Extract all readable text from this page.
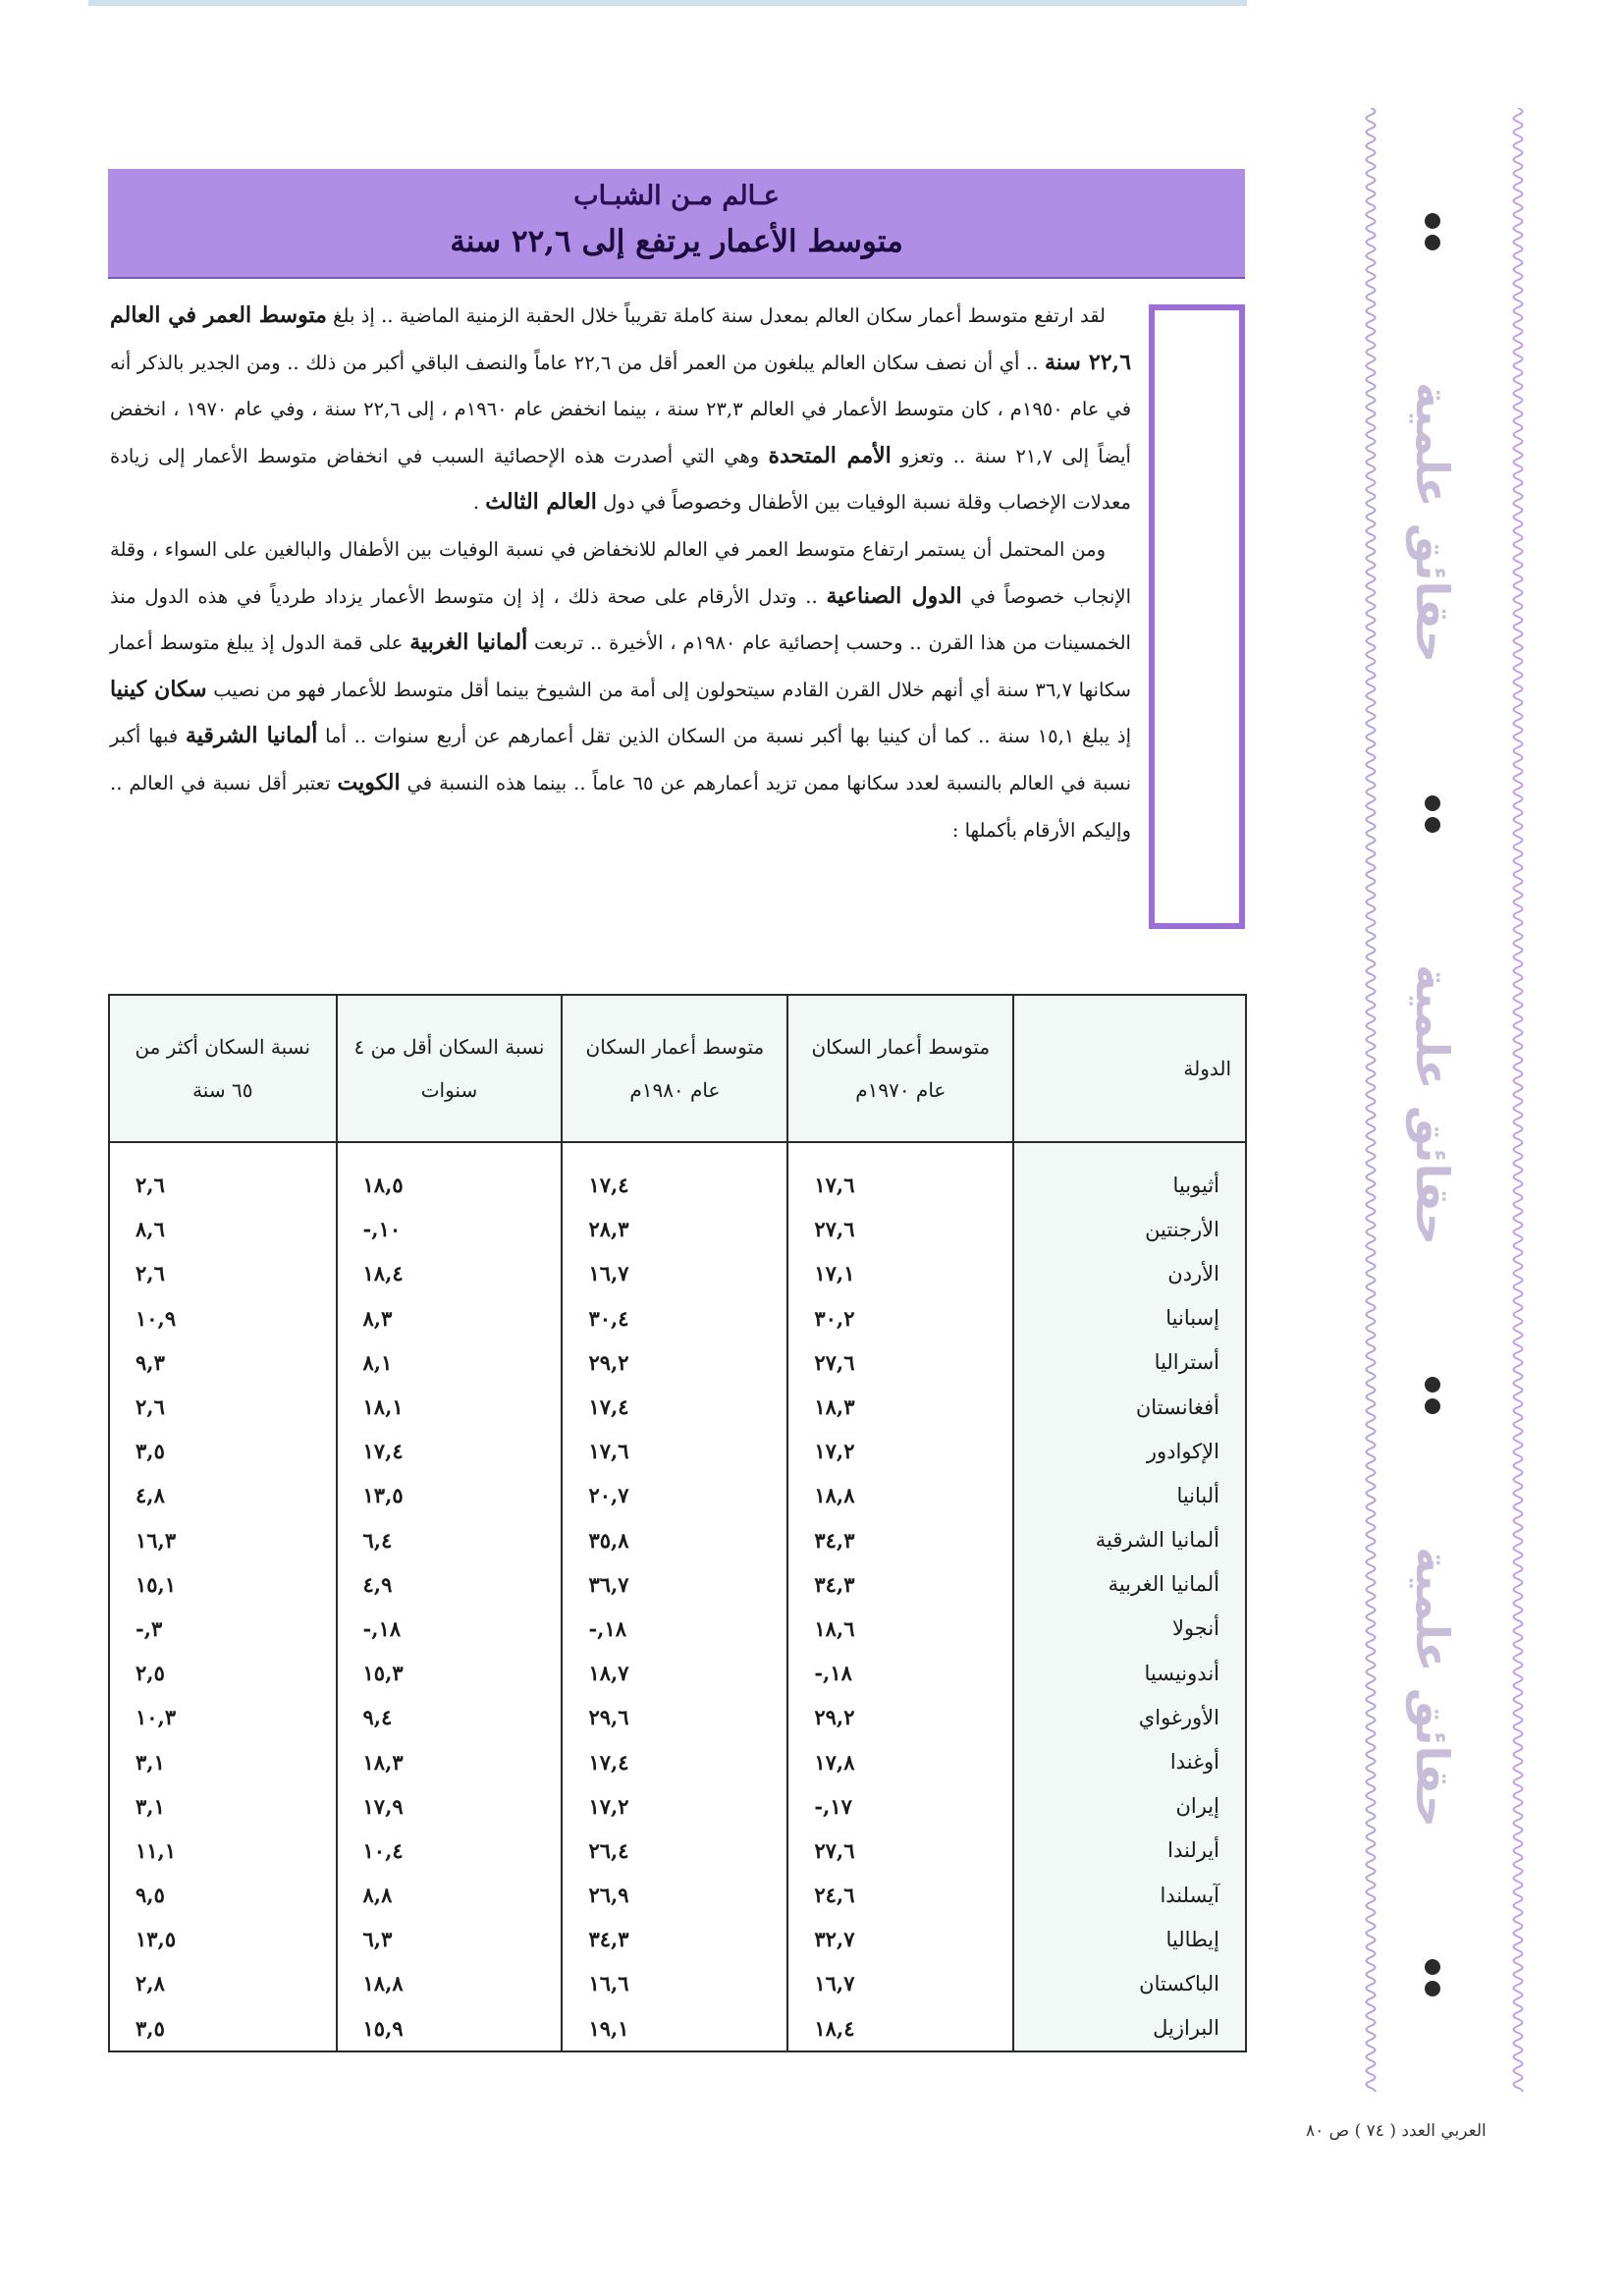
عـالم مـن الشبـاب
متوسط الأعمار يرتفع إلى ٢٢,٦ سنة

لقد ارتفع متوسط أعمار سكان العالم بمعدل سنة كاملة تقريباً خلال الحقبة الزمنية الماضية .. إذ بلغ متوسط العمر في العالم ٢٢,٦ سنة .. أي أن نصف سكان العالم يبلغون من العمر أقل من ٢٢,٦ عاماً والنصف الباقي أكبر من ذلك .. ومن الجدير بالذكر أنه في عام ١٩٥٠م ، كان متوسط الأعمار في العالم ٢٣,٣ سنة ، بينما انخفض عام ١٩٦٠م ، إلى ٢٢,٦ سنة ، وفي عام ١٩٧٠ ، انخفض أيضاً إلى ٢١,٧ سنة .. وتعزو الأمم المتحدة وهي التي أصدرت هذه الإحصائية السبب في انخفاض متوسط الأعمار إلى زيادة معدلات الإخصاب وقلة نسبة الوفيات بين الأطفال وخصوصاً في دول العالم الثالث .

ومن المحتمل أن يستمر ارتفاع متوسط العمر في العالم للانخفاض في نسبة الوفيات بين الأطفال والبالغين على السواء ، وقلة الإنجاب خصوصاً في الدول الصناعية .. وتدل الأرقام على صحة ذلك ، إذ إن متوسط الأعمار يزداد طردياً في هذه الدول منذ الخمسينات من هذا القرن .. وحسب إحصائية عام ١٩٨٠م ، الأخيرة .. تربعت ألمانيا الغربية على قمة الدول إذ يبلغ متوسط أعمار سكانها ٣٦,٧ سنة أي أنهم خلال القرن القادم سيتحولون إلى أمة من الشيوخ بينما أقل متوسط للأعمار فهو من نصيب سكان كينيا إذ يبلغ ١٥,١ سنة .. كما أن كينيا بها أكبر نسبة من السكان الذين تقل أعمارهم عن أربع سنوات .. أما ألمانيا الشرقية فبها أكبر نسبة في العالم بالنسبة لعدد سكانها ممن تزيد أعمارهم عن ٦٥ عاماً .. بينما هذه النسبة في الكويت تعتبر أقل نسبة في العالم .. وإليكم الأرقام بأكملها :

حقائق علمية
حقائق علمية
حقائق علمية
الدولة	متوسط أعمار السكان عام ١٩٧٠م	متوسط أعمار السكان عام ١٩٨٠م	نسبة السكان أقل من ٤ سنوات	نسبة السكان أكثر من ٦٥ سنة
أثيوبيا	١٧,٦	١٧,٤	١٨,٥	٢,٦
الأرجنتين	٢٧,٦	٢٨,٣	١٠,-	٨,٦
الأردن	١٧,١	١٦,٧	١٨,٤	٢,٦
إسبانيا	٣٠,٢	٣٠,٤	٨,٣	١٠,٩
أستراليا	٢٧,٦	٢٩,٢	٨,١	٩,٣
أفغانستان	١٨,٣	١٧,٤	١٨,١	٢,٦
الإكوادور	١٧,٢	١٧,٦	١٧,٤	٣,٥
ألبانيا	١٨,٨	٢٠,٧	١٣,٥	٤,٨
ألمانيا الشرقية	٣٤,٣	٣٥,٨	٦,٤	١٦,٣
ألمانيا الغربية	٣٤,٣	٣٦,٧	٤,٩	١٥,١
أنجولا	١٨,٦	١٨,-	١٨,-	٣,-
أندونيسيا	١٨,-	١٨,٧	١٥,٣	٢,٥
الأورغواي	٢٩,٢	٢٩,٦	٩,٤	١٠,٣
أوغندا	١٧,٨	١٧,٤	١٨,٣	٣,١
إيران	١٧,-	١٧,٢	١٧,٩	٣,١
أيرلندا	٢٧,٦	٢٦,٤	١٠,٤	١١,١
آيسلندا	٢٤,٦	٢٦,٩	٨,٨	٩,٥
إيطاليا	٣٢,٧	٣٤,٣	٦,٣	١٣,٥
الباكستان	١٦,٧	١٦,٦	١٨,٨	٢,٨
البرازيل	١٨,٤	١٩,١	١٥,٩	٣,٥
العربي العدد ( ٧٤ ) ص ٨٠
